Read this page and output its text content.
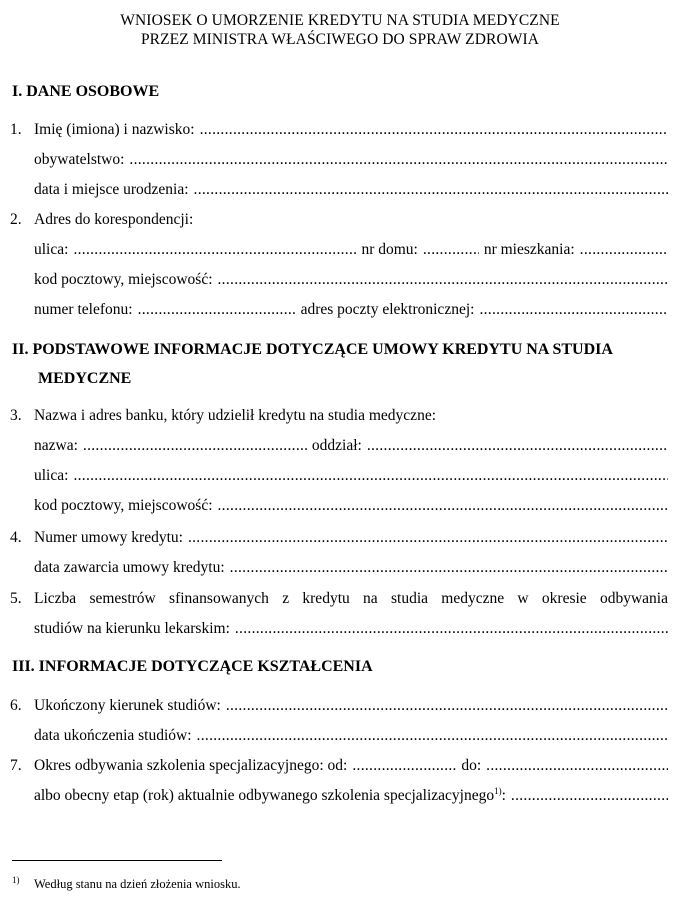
WNIOSEK O UMORZENIE KREDYTU NA STUDIA MEDYCZNE
PRZEZ MINISTRA WŁAŚCIWEGO DO SPRAW ZDROWIA
I. DANE OSOBOWE
1. Imię (imiona) i nazwisko:
.....
obywatelstwo:
.....
data i miejsce urodzenia:
.....
2. Adres do korespondencji:
ulica: .....	nr domu: .....	nr mieszkania:
.....
kod pocztowy, miejscowość:
.....
numer telefonu: .....	adres poczty elektronicznej:
.....
II. PODSTAWOWE INFORMACJE DOTYCZĄCE UMOWY KREDYTU NA STUDIA
MEDYCZNE
3. Nazwa i adres banku, który udzielił kredytu na studia medyczne:
nazwa: .....	oddział:
.....
ulica:
.....
kod pocztowy, miejscowość:
.....
4. Numer umowy kredytu:
.....
data zawarcia umowy kredytu:
.....
5. Liczba semestrów sfinansowanych z kredytu na studia medyczne w okresie odbywania
studiów na kierunku lekarskim:
.....
III. INFORMACJE DOTYCZĄCE KSZTAŁCENIA
6. Ukończony kierunek studiów:
.....
data ukończenia studiów:
.....
7. Okres odbywania szkolenia specjalizacyjnego: od: .....	do:
.....
albo obecny etap (rok) aktualnie odbywanego szkolenia specjalizacyjnego$^{1)}$:
.....
$^{1)}$ Według stanu na dzień złożenia wniosku.
